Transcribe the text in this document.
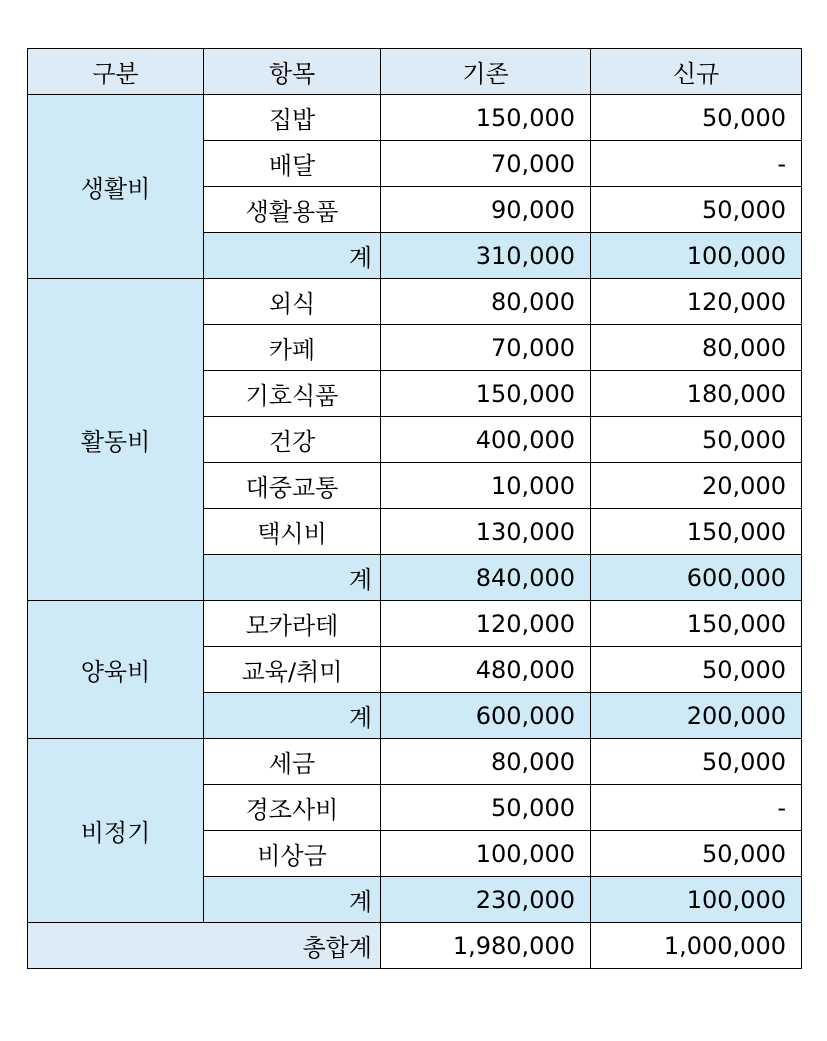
구분	항목	기존	신규
생활비	집밥	150,000	50,000
	배달	70,000	-
	생활용품	90,000	50,000
	계	310,000	100,000
활동비	외식	80,000	120,000
	카페	70,000	80,000
	기호식품	150,000	180,000
	건강	400,000	50,000
	대중교통	10,000	20,000
	택시비	130,000	150,000
	계	840,000	600,000
양육비	모카라테	120,000	150,000
	교육/취미	480,000	50,000
	계	600,000	200,000
비정기	세금	80,000	50,000
	경조사비	50,000	-
	비상금	100,000	50,000
	계	230,000	100,000
총합계		1,980,000	1,000,000
